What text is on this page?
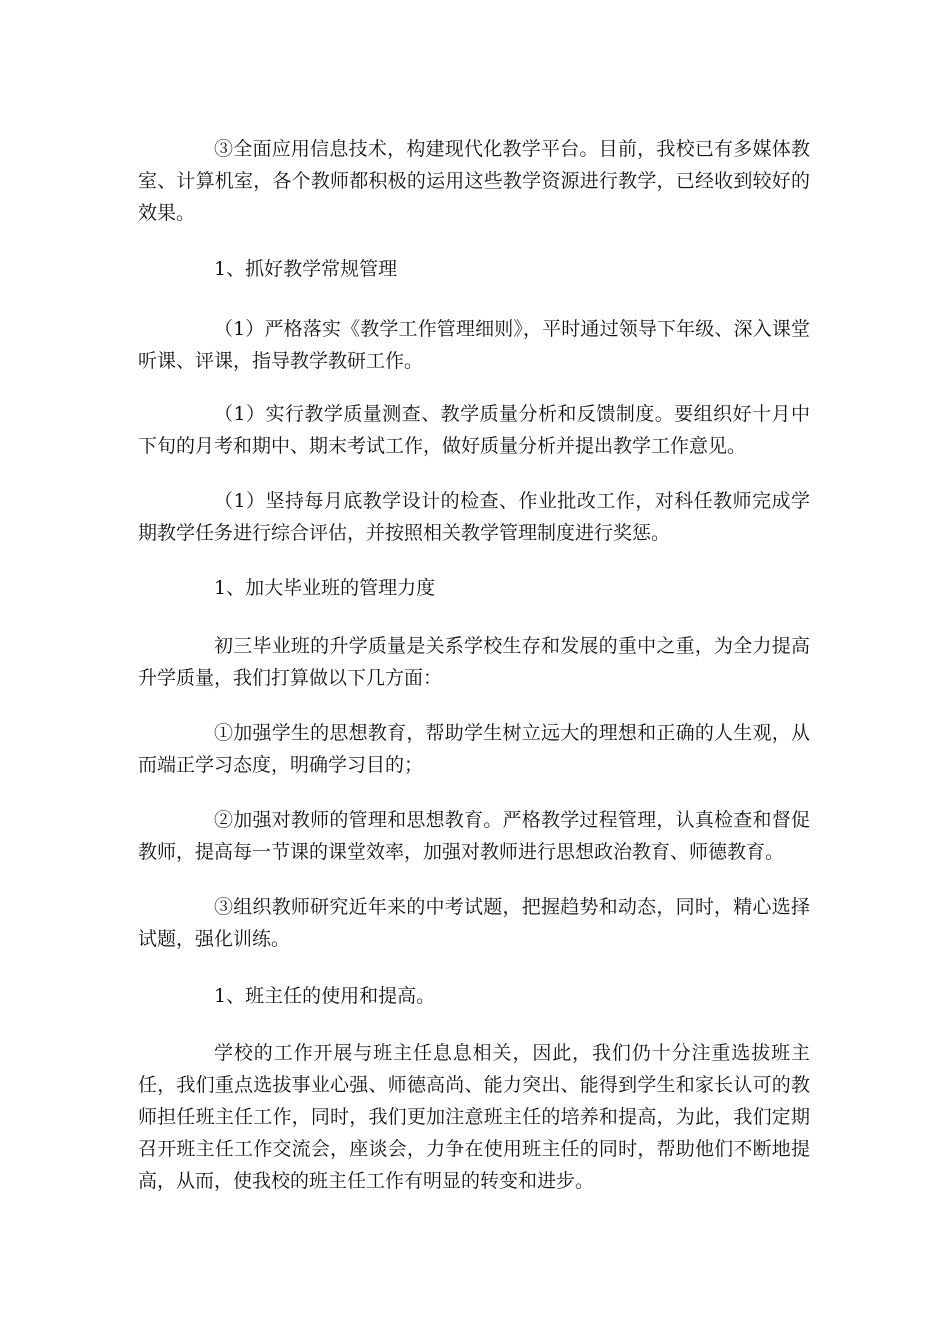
③全面应用信息技术，构建现代化教学平台。目前，我校已有多媒体教室、计算机室，各个教师都积极的运用这些教学资源进行教学，已经收到较好的效果。

1、抓好教学常规管理

（1）严格落实《教学工作管理细则》，平时通过领导下年级、深入课堂听课、评课，指导教学教研工作。

（1）实行教学质量测查、教学质量分析和反馈制度。要组织好十月中下旬的月考和期中、期末考试工作，做好质量分析并提出教学工作意见。

（1）坚持每月底教学设计的检查、作业批改工作，对科任教师完成学期教学任务进行综合评估，并按照相关教学管理制度进行奖惩。

1、加大毕业班的管理力度

初三毕业班的升学质量是关系学校生存和发展的重中之重，为全力提高升学质量，我们打算做以下几方面：

①加强学生的思想教育，帮助学生树立远大的理想和正确的人生观，从而端正学习态度，明确学习目的；

②加强对教师的管理和思想教育。严格教学过程管理，认真检查和督促教师，提高每一节课的课堂效率，加强对教师进行思想政治教育、师德教育。

③组织教师研究近年来的中考试题，把握趋势和动态，同时，精心选择试题，强化训练。

1、班主任的使用和提高。

学校的工作开展与班主任息息相关，因此，我们仍十分注重选拔班主任，我们重点选拔事业心强、师德高尚、能力突出、能得到学生和家长认可的教师担任班主任工作，同时，我们更加注意班主任的培养和提高，为此，我们定期召开班主任工作交流会，座谈会，力争在使用班主任的同时，帮助他们不断地提高，从而，使我校的班主任工作有明显的转变和进步。
